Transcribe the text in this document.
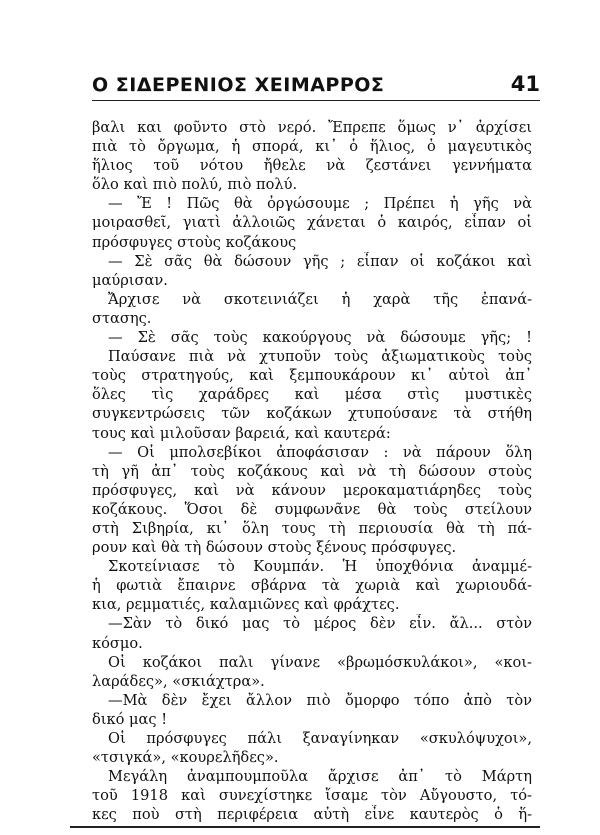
Ο ΣΙΔΕΡΕΝΙΟΣ ΧΕΙΜΑΡΡΟΣ	41
βαλι και φοῦντο στὸ νερό. Ἔπρεπε ὅμως ν᾿ ἀρχίσει
πιὰ τὸ ὄργωμα, ἡ σπορά, κι᾿ ὁ ἥλιος, ὁ μαγευτικὸς
ἥλιος τοῦ νότου ἤθελε νὰ ζεστάνει γεννήματα
ὅλο καὶ πιὸ πολύ, πιὸ πολύ.
— Ἔ ! Πῶς θὰ ὀργώσουμε ; Πρέπει ἡ γῆς νὰ
μοιρασθεῖ, γιατὶ ἀλλοιῶς χάνεται ὁ καιρός, εἶπαν οἱ
πρόσφυγες στοὺς κοζάκους
— Σὲ σᾶς θὰ δώσουν γῆς ; εἶπαν οἱ κοζάκοι καὶ
μαύρισαν.
Ἄρχισε νὰ σκοτεινιάζει ἡ χαρὰ τῆς ἐπανά-
στασης.
— Σὲ σᾶς τοὺς κακούργους νὰ δώσουμε γῆς; !
Παύσανε πιὰ νὰ χτυποῦν τοὺς ἀξιωματικοὺς τοὺς
τοὺς στρατηγούς, καὶ ξεμπουκάρουν κι᾿ αὐτοὶ ἀπ᾿
ὅλες τὶς χαράδρες καὶ μέσα στὶς μυστικὲς
συγκεντρώσεις τῶν κοζάκων χτυπούσανε τὰ στήθη
τους καὶ μιλοῦσαν βαρειά, καὶ καυτερά:
— Οἱ μπολσεβίκοι ἀποφάσισαν : νὰ πάρουν ὅλη
τὴ γῆ ἀπ᾿ τοὺς κοζάκους καὶ νὰ τὴ δώσουν στοὺς
πρόσφυγες, καὶ νὰ κάνουν μεροκαματιάρηδες τοὺς
κοζάκους. Ὅσοι δὲ συμφωνᾶνε θὰ τοὺς στείλουν
στὴ Σιβηρία, κι᾿ ὅλη τους τὴ περιουσία θὰ τὴ πά-
ρουν καὶ θὰ τὴ δώσουν στοὺς ξένους πρόσφυγες.
Σκοτείνιασε τὸ Κουμπάν. Ἡ ὑποχθόνια ἀναμμέ-
ἡ φωτιὰ ἔπαιρνε σβάρνα τὰ χωριὰ καὶ χωριουδά-
κια, ρεμματιές, καλαμιῶνες καὶ φράχτες.
—Σὰν τὸ δικό μας τὸ μέρος δὲν εἶν. ἄλ... στὸν
κόσμο.
Οἱ κοζάκοι παλι γίνανε «βρωμόσκυλάκοι», «κοι-
λαράδες», «σκιάχτρα».
—Μὰ δὲν ἔχει ἄλλον πιὸ ὄμορφο τόπο ἀπὸ τὸν
δικό μας !
Οἱ πρόσφυγες πάλι ξαναγίνηκαν «σκυλόψυχοι»,
«τσιγκά», «κουρελῆδες».
Μεγάλη ἀναμπουμποῦλα ἄρχισε ἀπ᾿ τὸ Μάρτη
τοῦ 1918 καὶ συνεχίστηκε ἴσαμε τὸν Αὔγουστο, τό-
κες ποὺ στὴ περιφέρεια αὐτὴ εἶνε καυτερὸς ὁ ἥ-
